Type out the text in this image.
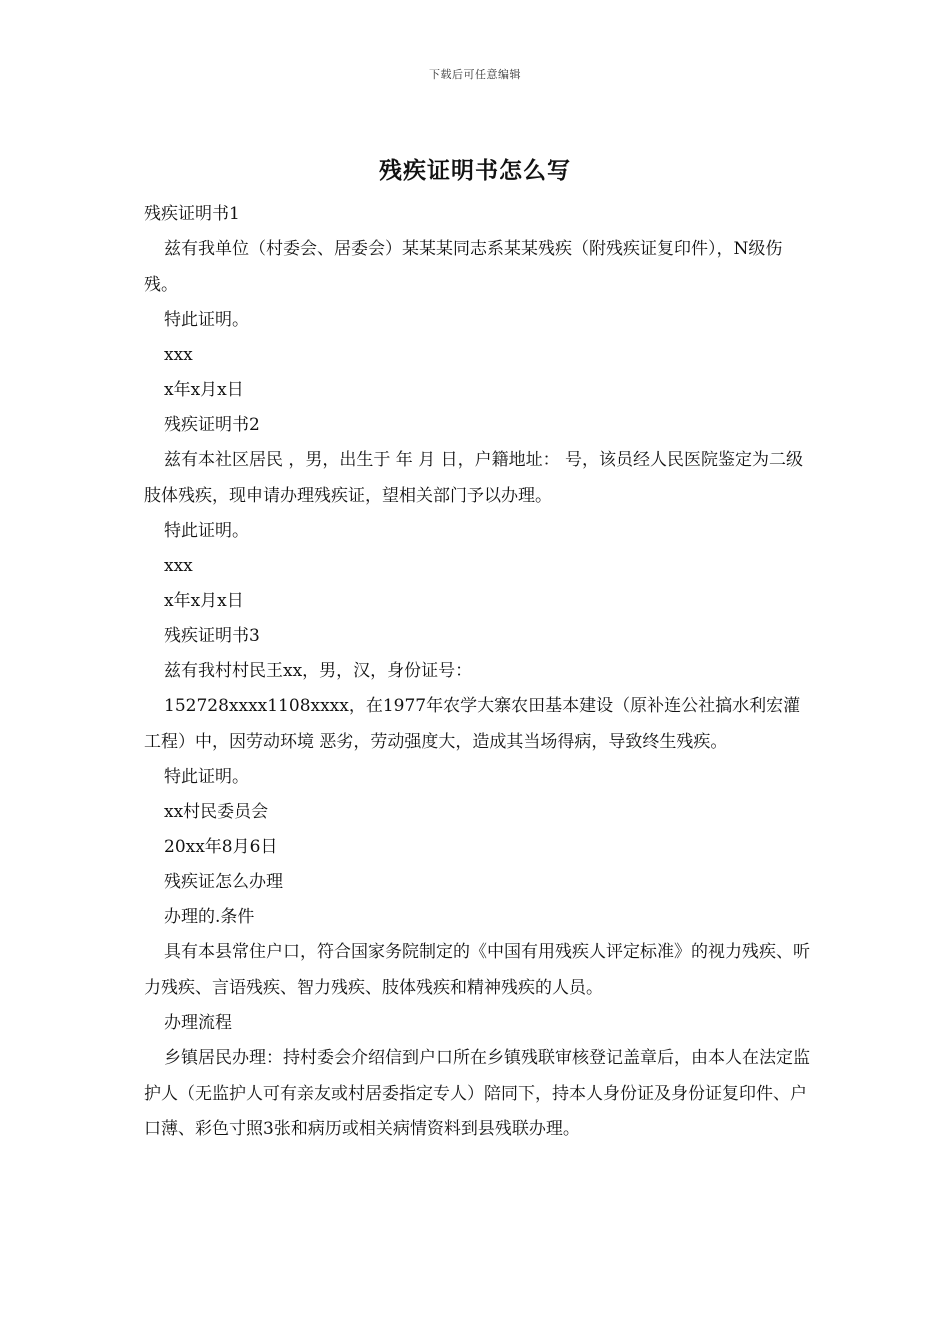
下载后可任意编辑
残疾证明书怎么写

残疾证明书1

兹有我单位（村委会、居委会）某某某同志系某某残疾（附残疾证复印件），N级伤残。

特此证明。

xxx

x年x月x日

残疾证明书2

兹有本社区居民 ，男，出生于 年 月 日，户籍地址： 号，该员经人民医院鉴定为二级肢体残疾，现申请办理残疾证，望相关部门予以办理。

特此证明。

xxx

x年x月x日

残疾证明书3

兹有我村村民王xx，男，汉，身份证号：

152728xxxx1108xxxx，在1977年农学大寨农田基本建设（原补连公社搞水利宏灌工程）中，因劳动环境 恶劣，劳动强度大，造成其当场得病，导致终生残疾。

特此证明。

xx村民委员会

20xx年8月6日

残疾证怎么办理

办理的.条件

具有本县常住户口，符合国家务院制定的《中国有用残疾人评定标准》的视力残疾、听力残疾、言语残疾、智力残疾、肢体残疾和精神残疾的人员。

办理流程

乡镇居民办理：持村委会介绍信到户口所在乡镇残联审核登记盖章后，由本人在法定监护人（无监护人可有亲友或村居委指定专人）陪同下，持本人身份证及身份证复印件、户口薄、彩色寸照3张和病历或相关病情资料到县残联办理。
